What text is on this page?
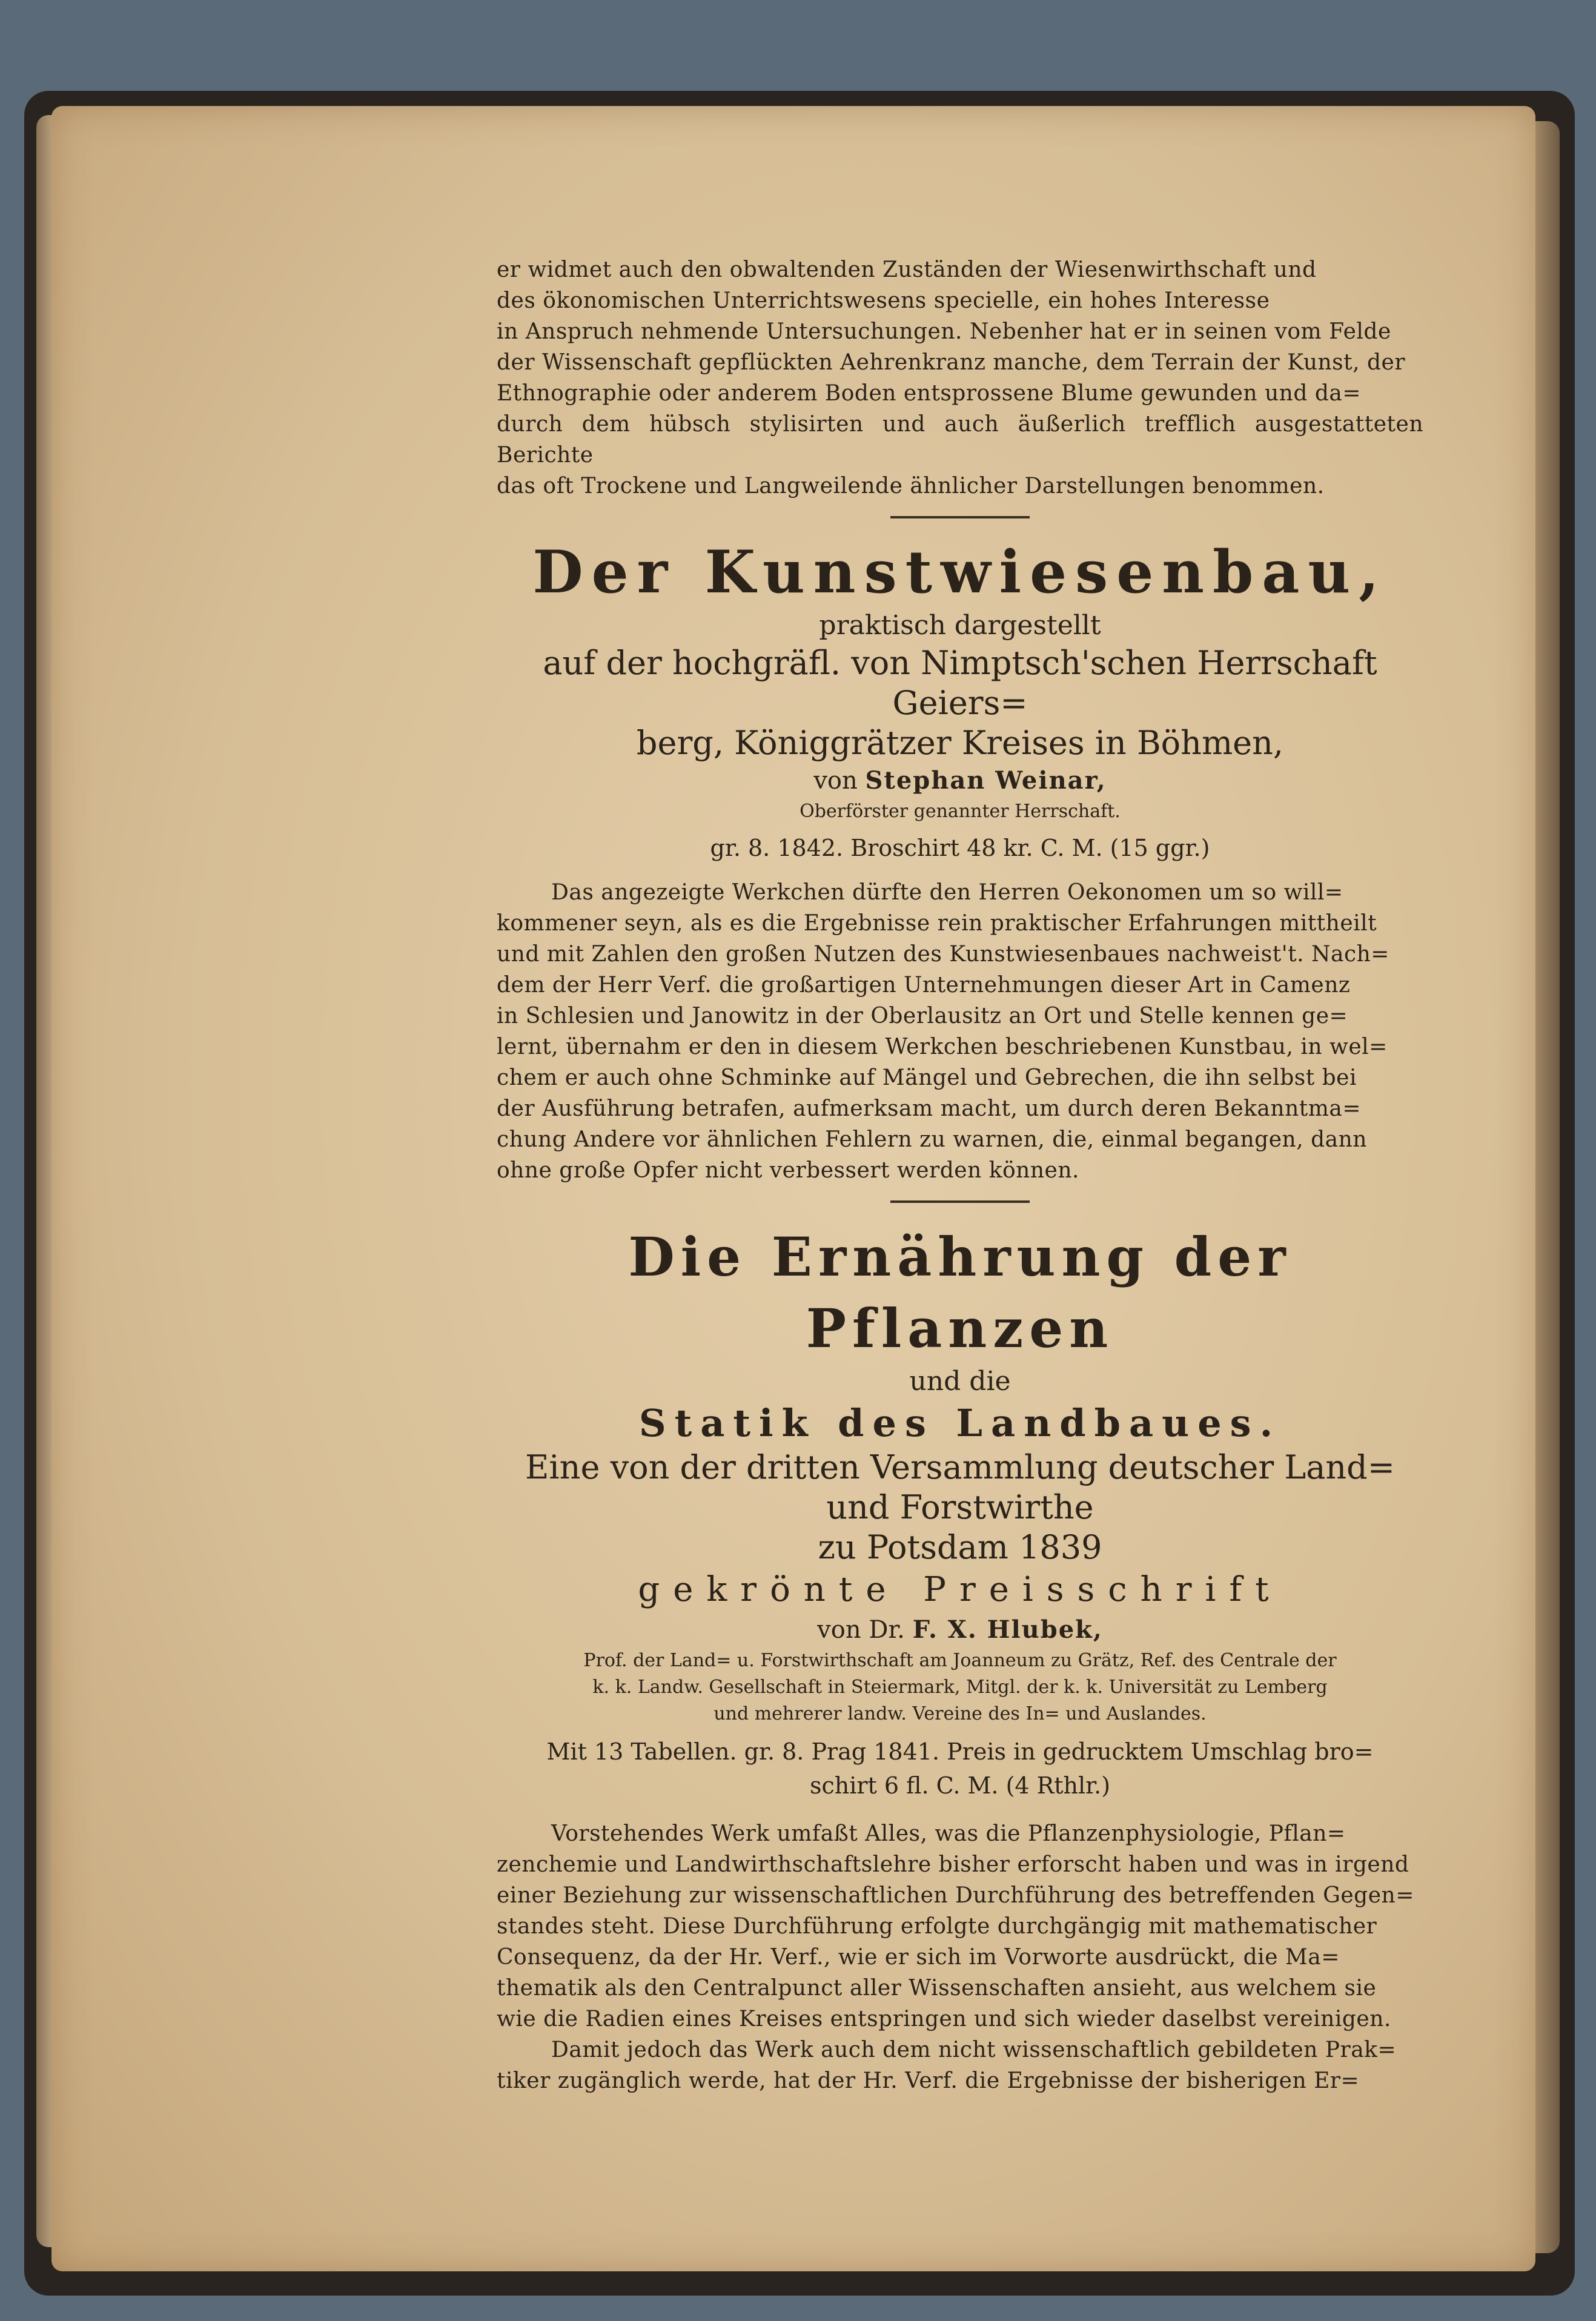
er widmet auch den obwaltenden Zuständen der Wiesenwirthschaft und
des ökonomischen Unterrichtswesens specielle, ein hohes Interesse
in Anspruch nehmende Untersuchungen. Nebenher hat er in seinen vom Felde
der Wissenschaft gepflückten Aehrenkranz manche, dem Terrain der Kunst, der
Ethnographie oder anderem Boden entsprossene Blume gewunden und da=
durch dem hübsch stylisirten und auch äußerlich trefflich ausgestatteten Berichte
das oft Trockene und Langweilende ähnlicher Darstellungen benommen.

Der Kunstwiesenbau,
praktisch dargestellt
auf der hochgräfl. von Nimptsch'schen Herrschaft Geiers=
berg, Königgrätzer Kreises in Böhmen,
von Stephan Weinar,
Oberförster genannter Herrschaft.
gr. 8. 1842. Broschirt 48 kr. C. M. (15 ggr.)

Das angezeigte Werkchen dürfte den Herren Oekonomen um so will=
kommener seyn, als es die Ergebnisse rein praktischer Erfahrungen mittheilt
und mit Zahlen den großen Nutzen des Kunstwiesenbaues nachweist't. Nach=
dem der Herr Verf. die großartigen Unternehmungen dieser Art in Camenz
in Schlesien und Janowitz in der Oberlausitz an Ort und Stelle kennen ge=
lernt, übernahm er den in diesem Werkchen beschriebenen Kunstbau, in wel=
chem er auch ohne Schminke auf Mängel und Gebrechen, die ihn selbst bei
der Ausführung betrafen, aufmerksam macht, um durch deren Bekanntma=
chung Andere vor ähnlichen Fehlern zu warnen, die, einmal begangen, dann
ohne große Opfer nicht verbessert werden können.

Die Ernährung der Pflanzen
und die
Statik des Landbaues.
Eine von der dritten Versammlung deutscher Land= und Forstwirthe
zu Potsdam 1839
gekrönte Preisschrift
von Dr. F. X. Hlubek,
Prof. der Land= u. Forstwirthschaft am Joanneum zu Grätz, Ref. des Centrale der
k. k. Landw. Gesellschaft in Steiermark, Mitgl. der k. k. Universität zu Lemberg
und mehrerer landw. Vereine des In= und Auslandes.
Mit 13 Tabellen. gr. 8. Prag 1841. Preis in gedrucktem Umschlag bro=
schirt 6 fl. C. M. (4 Rthlr.)

Vorstehendes Werk umfaßt Alles, was die Pflanzenphysiologie, Pflan=
zenchemie und Landwirthschaftslehre bisher erforscht haben und was in irgend
einer Beziehung zur wissenschaftlichen Durchführung des betreffenden Gegen=
standes steht. Diese Durchführung erfolgte durchgängig mit mathematischer
Consequenz, da der Hr. Verf., wie er sich im Vorworte ausdrückt, die Ma=
thematik als den Centralpunct aller Wissenschaften ansieht, aus welchem sie
wie die Radien eines Kreises entspringen und sich wieder daselbst vereinigen.
Damit jedoch das Werk auch dem nicht wissenschaftlich gebildeten Prak=
tiker zugänglich werde, hat der Hr. Verf. die Ergebnisse der bisherigen Er=
